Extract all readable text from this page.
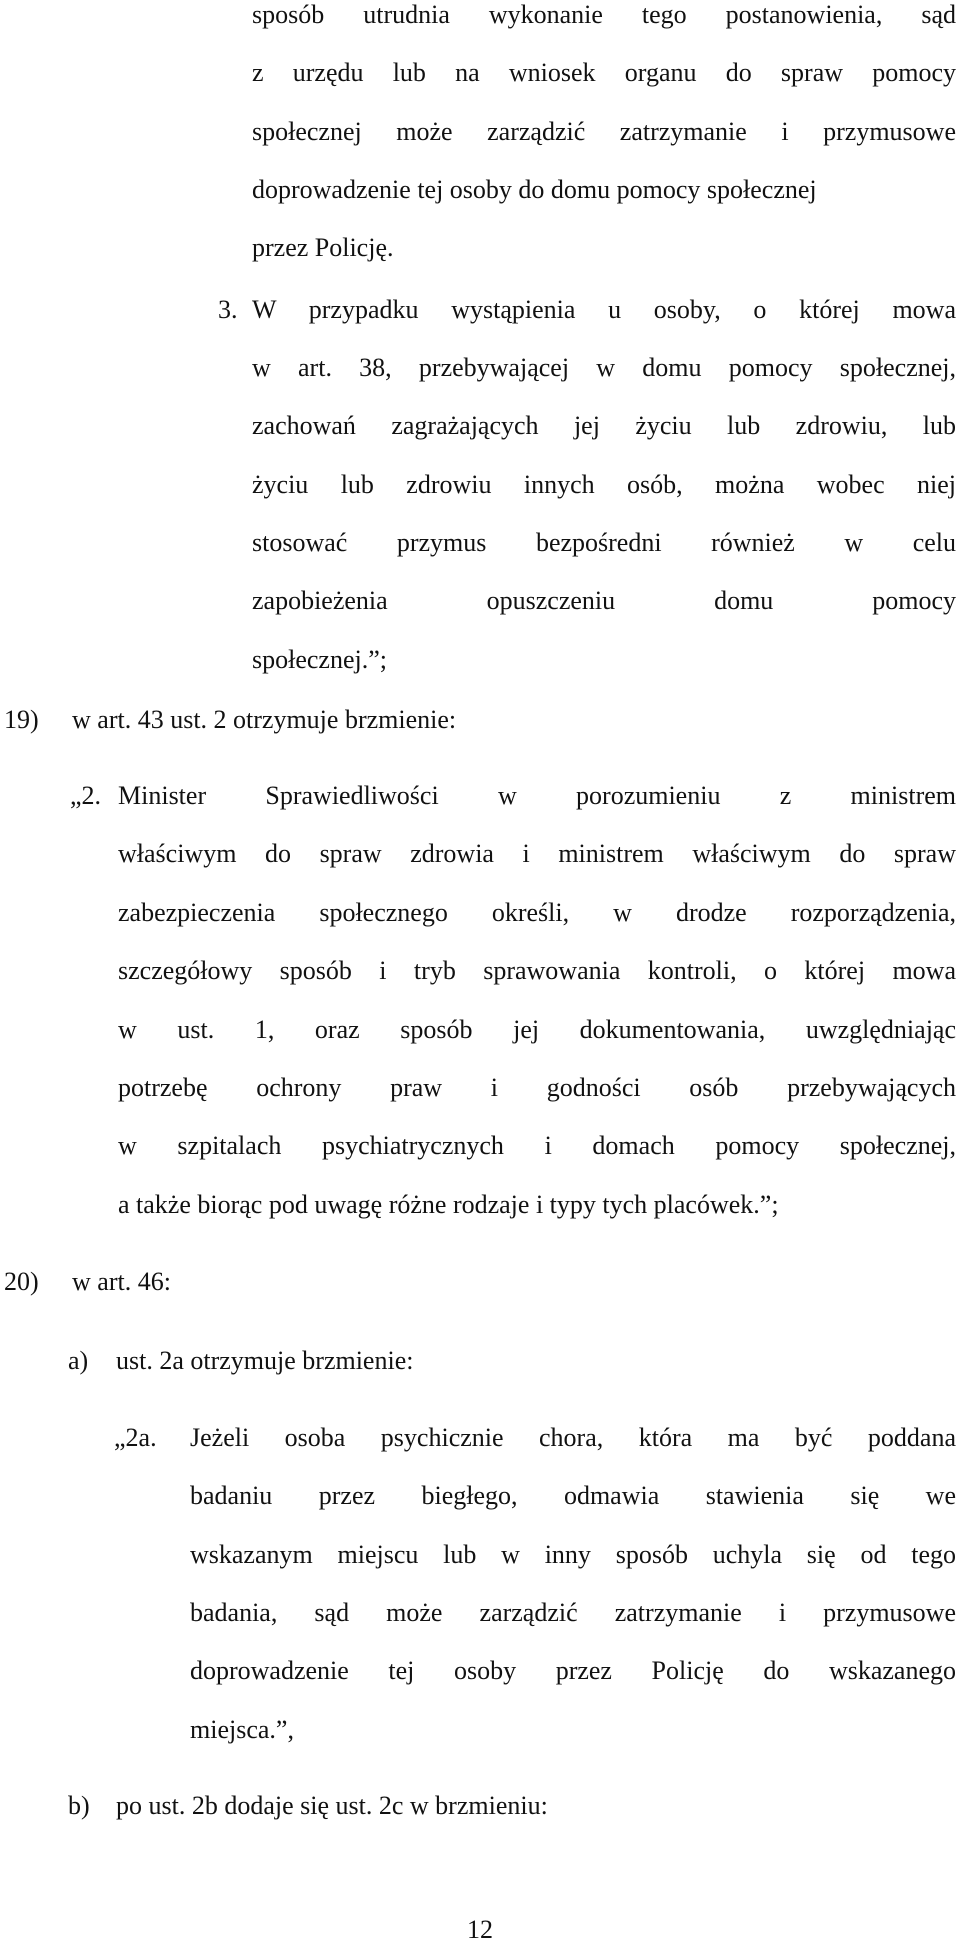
sposób utrudnia wykonanie tego postanowienia, sąd

z urzędu lub na wniosek organu do spraw pomocy

społecznej może zarządzić zatrzymanie i przymusowe

doprowadzenie tej osoby do domu pomocy społecznej

przez Policję.

3. W przypadku wystąpienia u osoby, o której mowa

w art. 38, przebywającej w domu pomocy społecznej,

zachowań zagrażających jej życiu lub zdrowiu, lub

życiu lub zdrowiu innych osób, można wobec niej

stosować przymus bezpośredni również w celu

zapobieżenia opuszczeniu domu pomocy

społecznej.”;

19) w art. 43 ust. 2 otrzymuje brzmienie:

„2. Minister Sprawiedliwości w porozumieniu z ministrem

właściwym do spraw zdrowia i ministrem właściwym do spraw

zabezpieczenia społecznego określi, w drodze rozporządzenia,

szczegółowy sposób i tryb sprawowania kontroli, o której mowa

w ust. 1, oraz sposób jej dokumentowania, uwzględniając

potrzebę ochrony praw i godności osób przebywających

w szpitalach psychiatrycznych i domach pomocy społecznej,

a także biorąc pod uwagę różne rodzaje i typy tych placówek.”;

20) w art. 46:

a) ust. 2a otrzymuje brzmienie:

„2a. Jeżeli osoba psychicznie chora, która ma być poddana

badaniu przez biegłego, odmawia stawienia się we

wskazanym miejscu lub w inny sposób uchyla się od tego

badania, sąd może zarządzić zatrzymanie i przymusowe

doprowadzenie tej osoby przez Policję do wskazanego

miejsca.”,

b) po ust. 2b dodaje się ust. 2c w brzmieniu:

12
